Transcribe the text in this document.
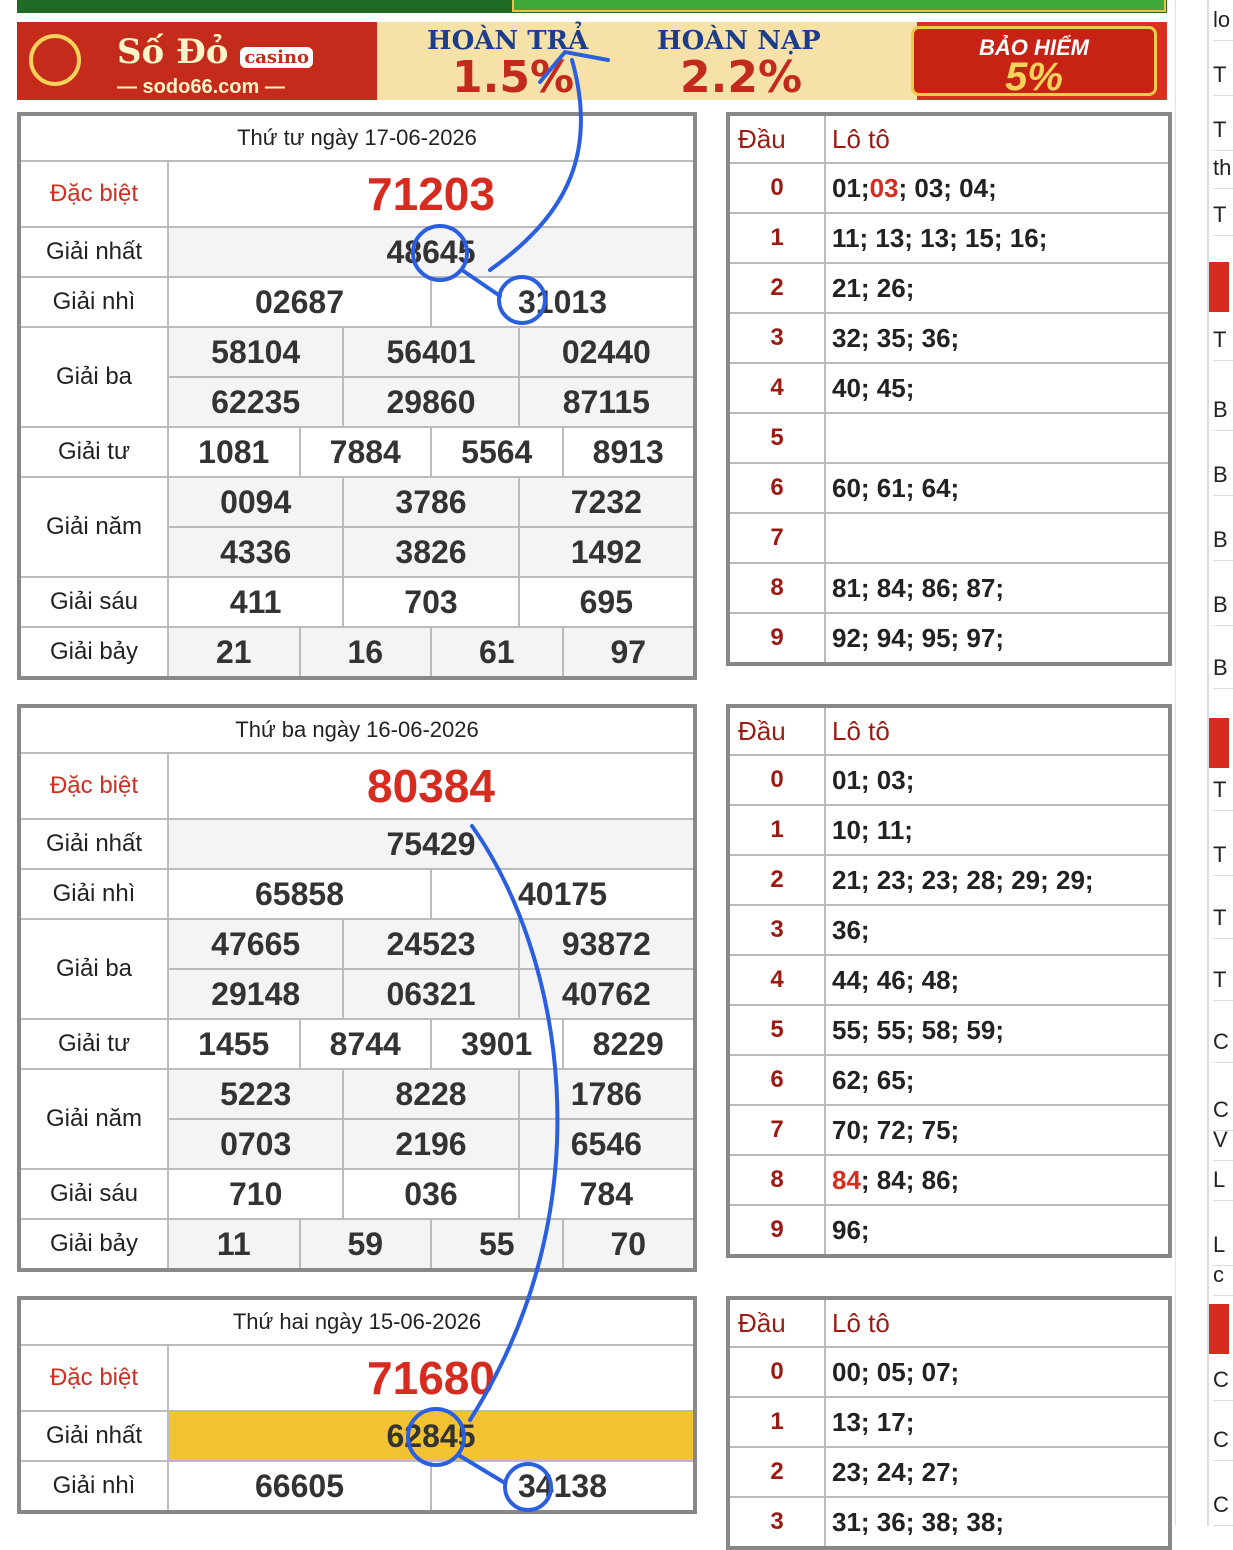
Số Đỏ casino
— sodo66.com —
HOÀN TRẢ
1.5%
HOÀN NẠP
2.2%
BẢO HIỂM
5%
Thứ tư ngày 17-06-2026
Đặc biệt	71203
Giải nhất	48645
Giải nhì	02687	31013
Giải ba
58104	56401	02440
62235	29860	87115
Giải tư	1081	7884	5564	8913
Giải năm
0094	3786	7232
4336	3826	1492
Giải sáu	411	703	695
Giải bảy	21	16	61	97
Đầu	Lô tô
0	01; 03 ; 03; 04;
1	11; 13; 13; 15; 16;
2	21; 26;
3	32; 35; 36;
4	40; 45;
5
6	60; 61; 64;
7
8	81; 84; 86; 87;
9	92; 94; 95; 97;
Thứ ba ngày 16-06-2026
Đặc biệt	80384
Giải nhất	75429
Giải nhì	65858	40175
Giải ba
47665	24523	93872
29148	06321	40762
Giải tư	1455	8744	3901	8229
Giải năm
5223	8228	1786
0703	2196	6546
Giải sáu	710	036	784
Giải bảy	11	59	55	70
Đầu	Lô tô
0	01; 03;
1	10; 11;
2	21; 23; 23; 28; 29; 29;
3	36;
4	44; 46; 48;
5	55; 55; 58; 59;
6	62; 65;
7	70; 72; 75;
8	84 ; 84; 86;
9	96;
Thứ hai ngày 15-06-2026
Đặc biệt	71680
Giải nhất	62845
Giải nhì	66605	34138
Đầu	Lô tô
0	00; 05; 07;
1	13; 17;
2	23; 24; 27;
3	31; 36; 38; 38;
lo
T
T
th
T
T
B
B
B
B
B
T
T
T
T
C
C
V
L
L
c
C
C
C
